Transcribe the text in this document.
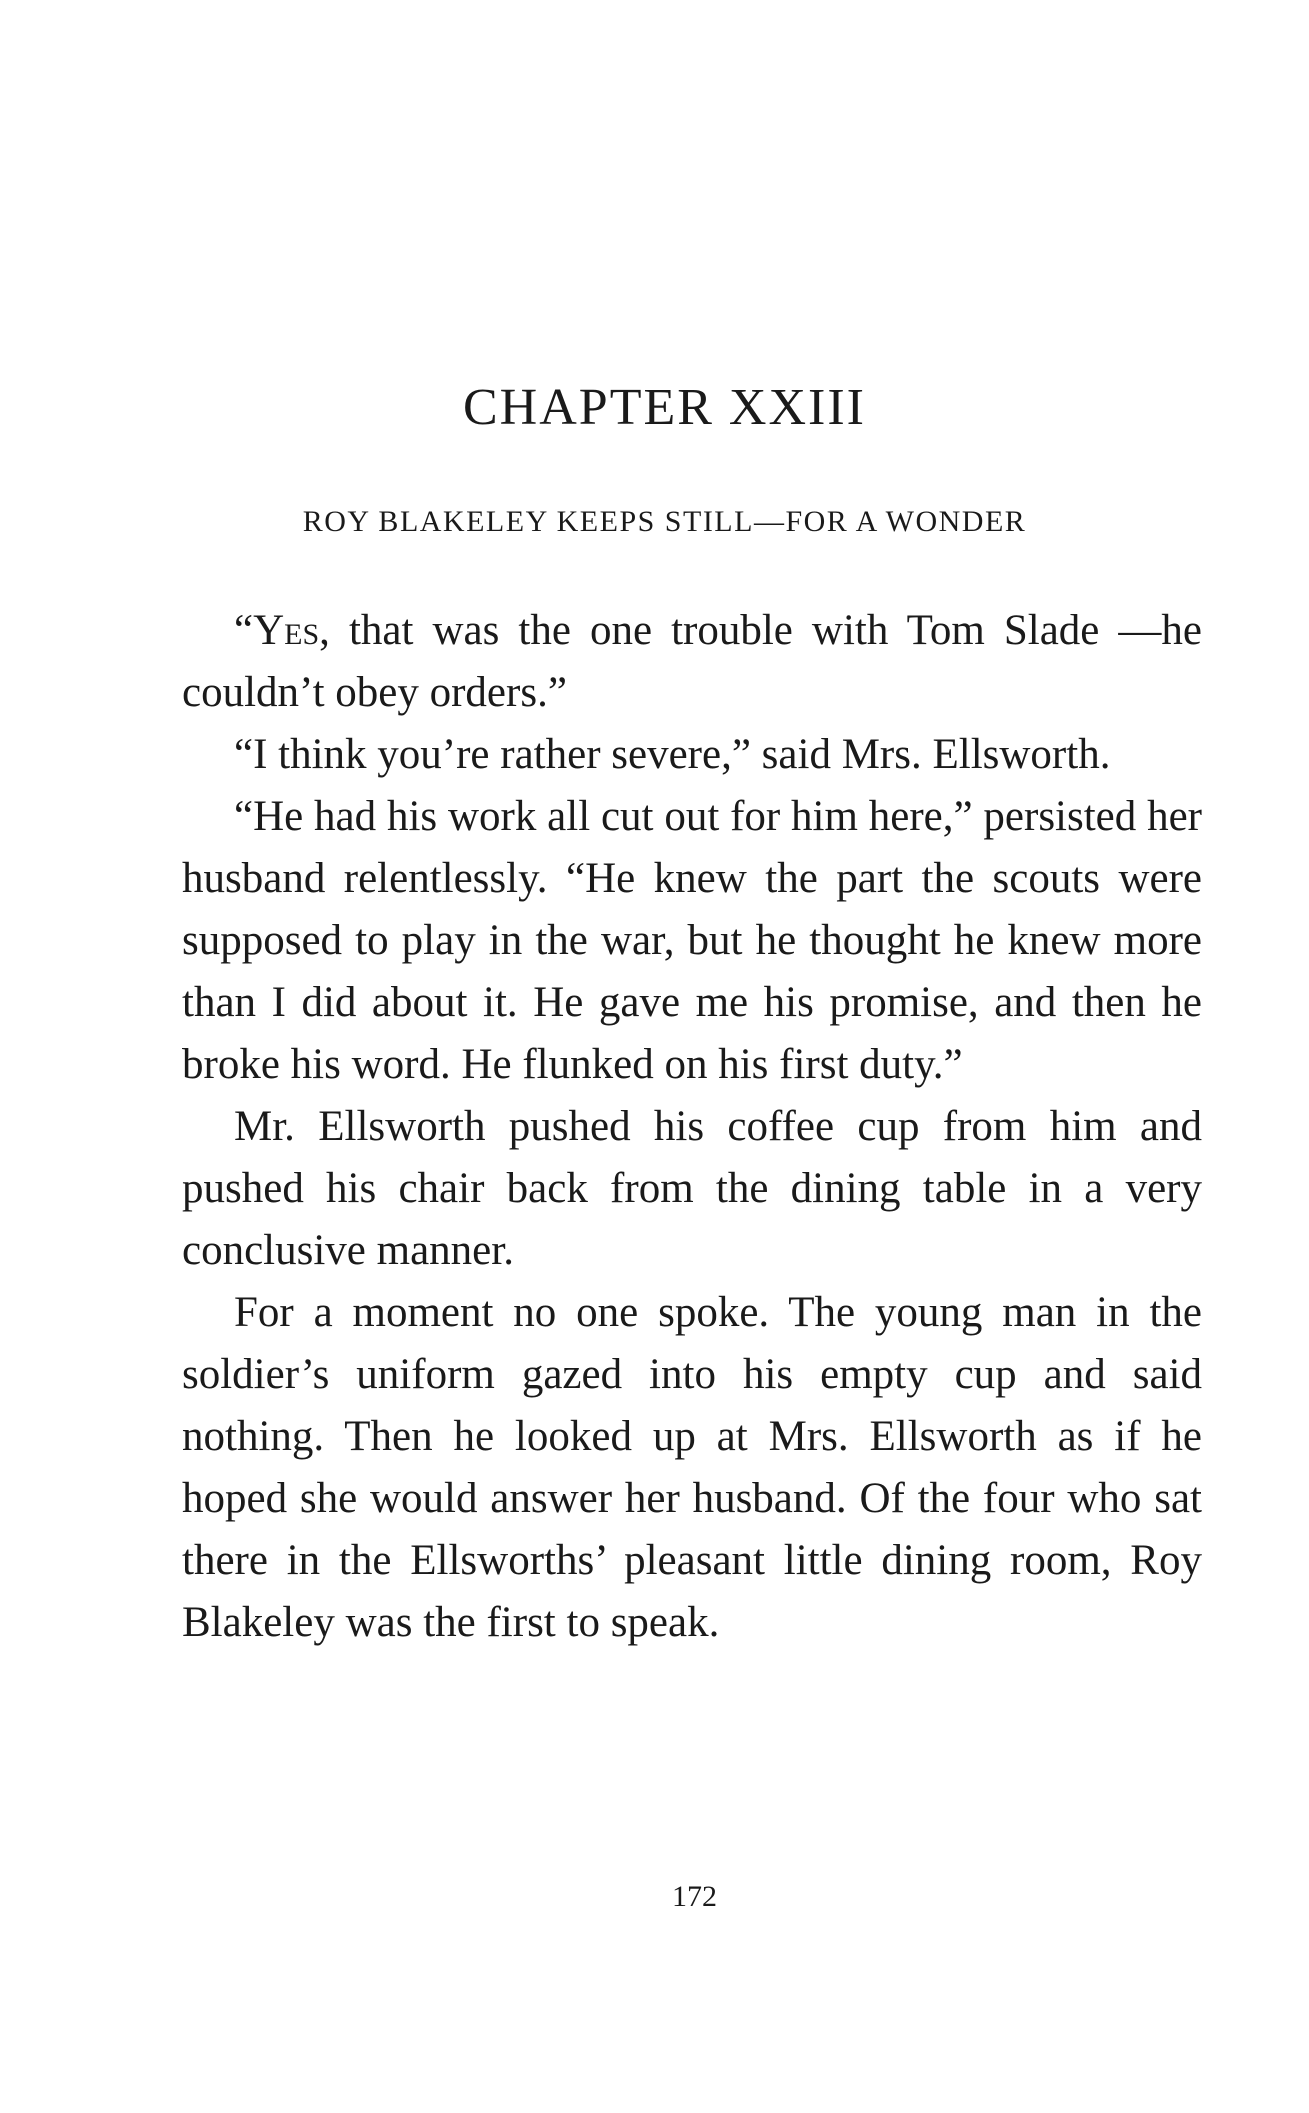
CHAPTER XXIII
ROY BLAKELEY KEEPS STILL—FOR A WONDER

“Yes, that was the one trouble with Tom Slade —he couldn’t obey orders.”

“I think you’re rather severe,” said Mrs. Ellsworth.

“He had his work all cut out for him here,” persisted her husband relentlessly. “He knew the part the scouts were supposed to play in the war, but he thought he knew more than I did about it. He gave me his promise, and then he broke his word. He flunked on his first duty.”

Mr. Ellsworth pushed his coffee cup from him and pushed his chair back from the dining table in a very conclusive manner.

For a moment no one spoke. The young man in the soldier’s uniform gazed into his empty cup and said nothing. Then he looked up at Mrs. Ellsworth as if he hoped she would answer her husband. Of the four who sat there in the Ellsworths’ pleasant little dining room, Roy Blakeley was the first to speak.

172
